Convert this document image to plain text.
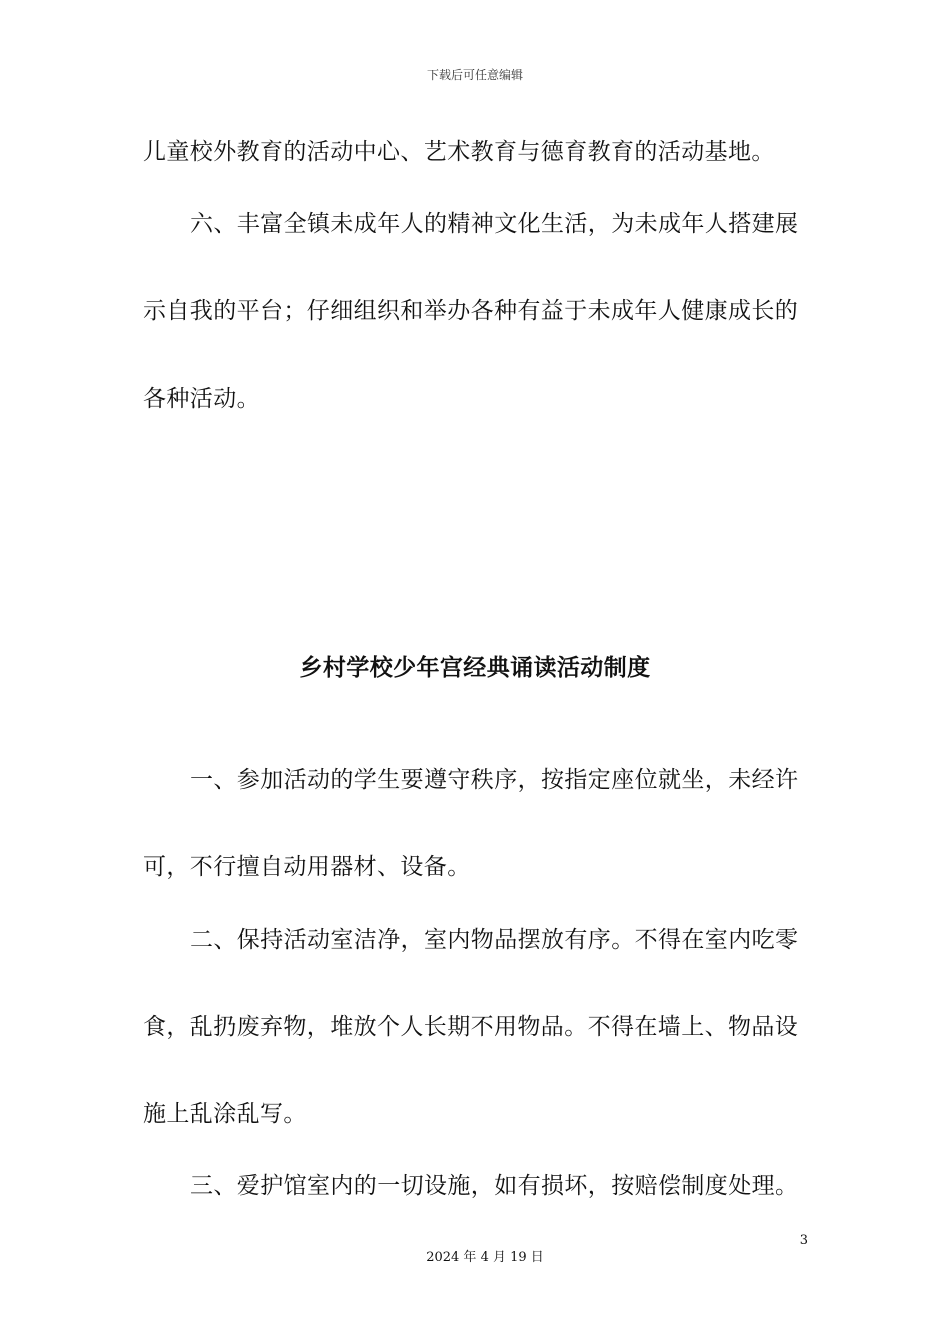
下载后可任意编辑
儿童校外教育的活动中心、艺术教育与德育教育的活动基地。
六、丰富全镇未成年人的精神文化生活，为未成年人搭建展
示自我的平台；仔细组织和举办各种有益于未成年人健康成长的
各种活动。
乡村学校少年宫经典诵读活动制度
一、参加活动的学生要遵守秩序，按指定座位就坐，未经许
可，不行擅自动用器材、设备。
二、保持活动室洁净，室内物品摆放有序。不得在室内吃零
食，乱扔废弃物，堆放个人长期不用物品。不得在墙上、物品设
施上乱涂乱写。
三、爱护馆室内的一切设施，如有损坏，按赔偿制度处理。
3
2024 年 4 月 19 日
